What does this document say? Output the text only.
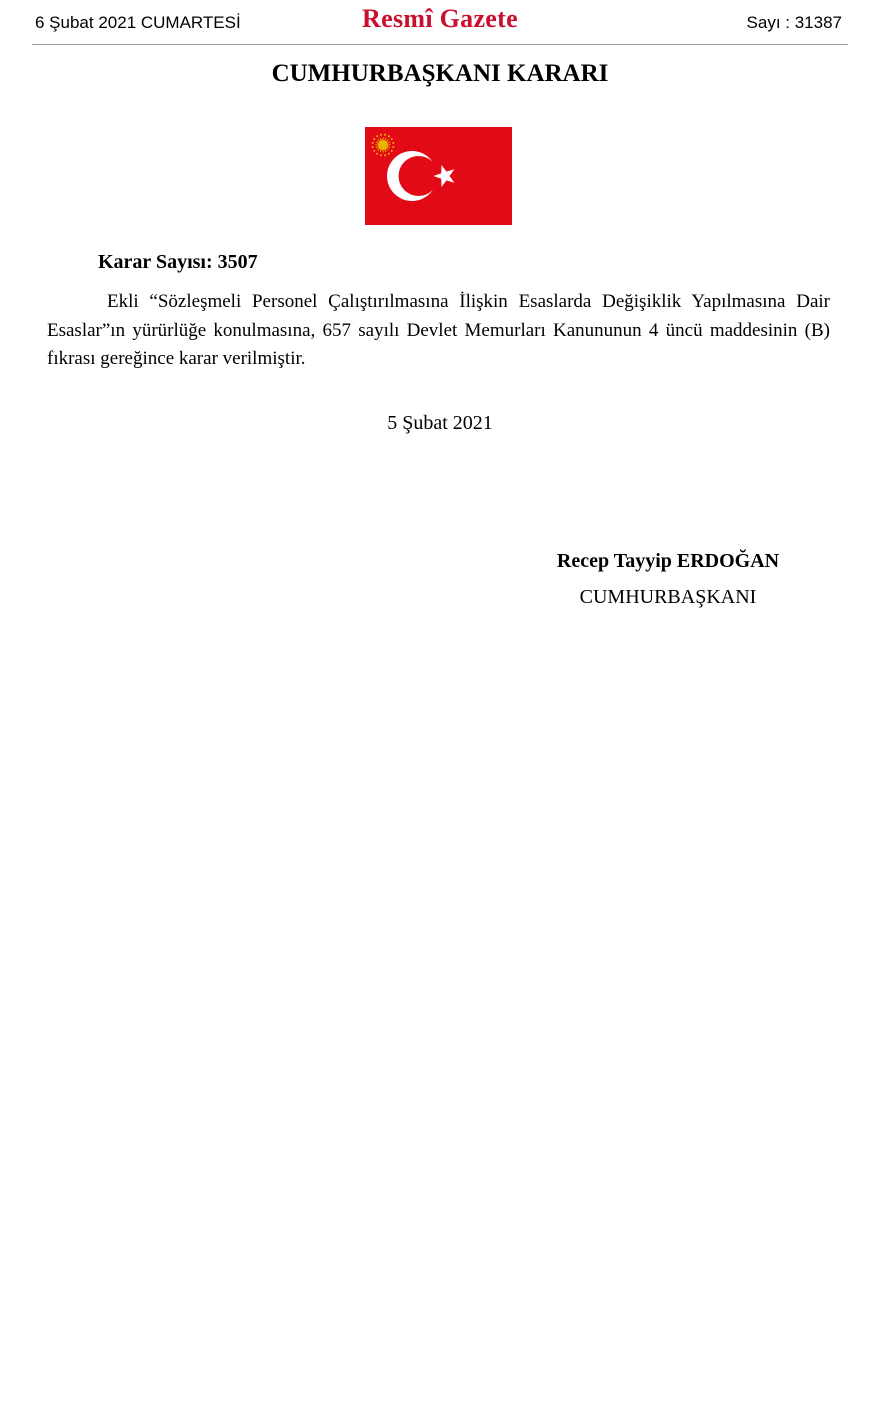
6 Şubat 2021 CUMARTESİ	Resmî Gazete	Sayı : 31387
CUMHURBAŞKANI KARARI
Karar Sayısı: 3507

Ekli “Sözleşmeli Personel Çalıştırılmasına İlişkin Esaslarda Değişiklik Yapılmasına Dair Esaslar”ın yürürlüğe konulmasına, 657 sayılı Devlet Memurları Kanununun 4 üncü maddesinin (B) fıkrası gereğince karar verilmiştir.

5 Şubat 2021
Recep Tayyip ERDOĞAN
CUMHURBAŞKANI
